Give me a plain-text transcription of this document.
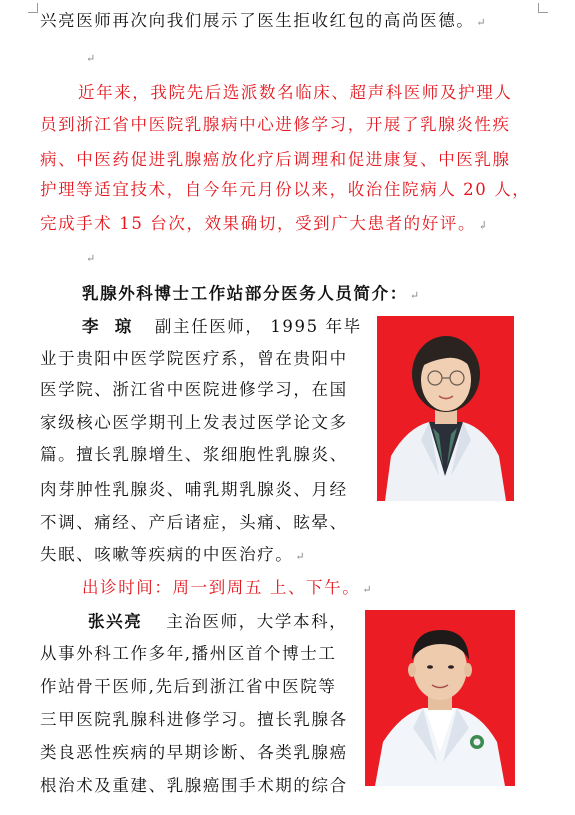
兴亮医师再次向我们展示了医生拒收红包的高尚医德。 ↵
↵
近年来，我院先后选派数名临床、超声科医师及护理人
员到浙江省中医院乳腺病中心进修学习，开展了乳腺炎性疾
病、中医药促进乳腺癌放化疗后调理和促进康复、中医乳腺
护理等适宜技术，自今年元月份以来，收治住院病人 20 人，
完成手术 15 台次，效果确切，受到广大患者的好评。 ↲
↵
乳腺外科博士工作站部分医务人员简介： ↵
李  琼 副主任医师， 1995 年毕
业于贵阳中医学院医疗系，曾在贵阳中
医学院、浙江省中医院进修学习，在国
家级核心医学期刊上发表过医学论文多
篇。擅长乳腺增生、浆细胞性乳腺炎、
肉芽肿性乳腺炎、哺乳期乳腺炎、月经
不调、痛经、产后诸症，头痛、眩晕、
失眠、咳嗽等疾病的中医治疗。 ↵
出诊时间：周一到周五 上、下午。 ↵
张兴亮 主治医师，大学本科，
从事外科工作多年,播州区首个博士工
作站骨干医师,先后到浙江省中医院等
三甲医院乳腺科进修学习。擅长乳腺各
类良恶性疾病的早期诊断、各类乳腺癌
根治术及重建、乳腺癌围手术期的综合
